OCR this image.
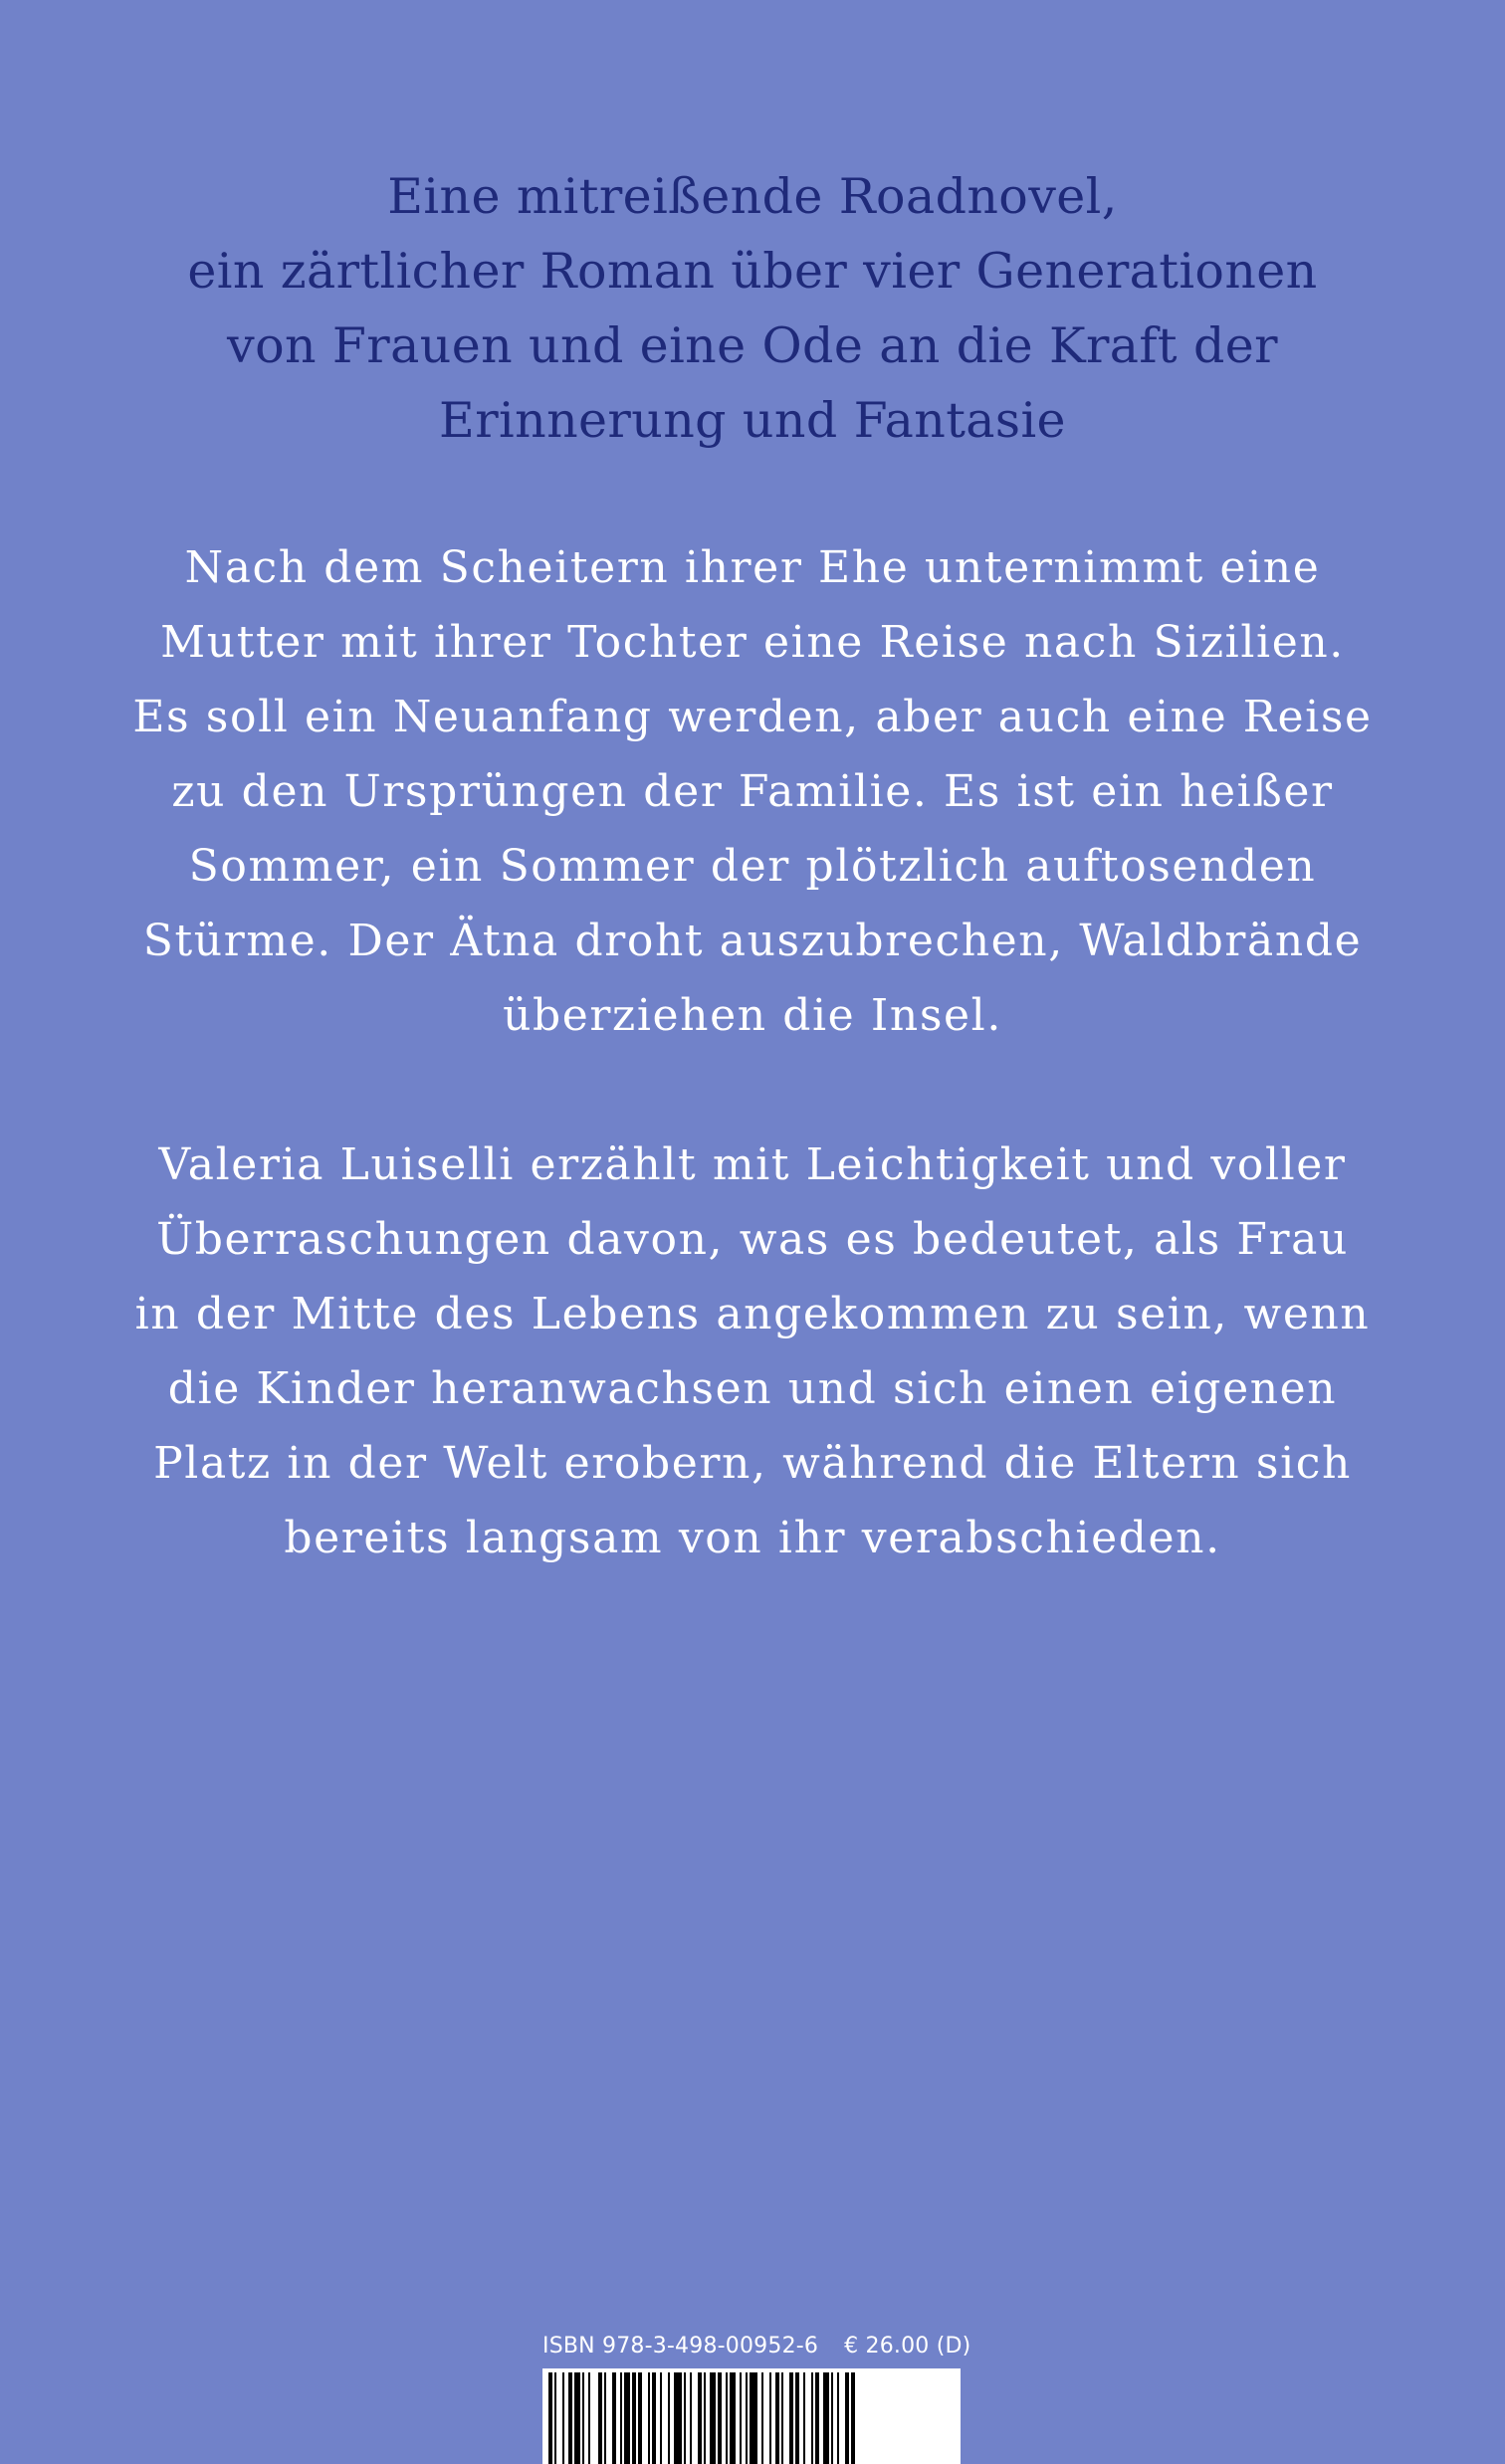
Eine mitreißende Roadnovel,
ein zärtlicher Roman über vier Generationen
von Frauen und eine Ode an die Kraft der
Erinnerung und Fantasie
Nach dem Scheitern ihrer Ehe unternimmt eine
Mutter mit ihrer Tochter eine Reise nach Sizilien.
Es soll ein Neuanfang werden, aber auch eine Reise
zu den Ursprüngen der Familie. Es ist ein heißer
Sommer, ein Sommer der plötzlich auftosenden
Stürme. Der Ätna droht auszubrechen, Waldbrände
überziehen die Insel.
Valeria Luiselli erzählt mit Leichtigkeit und voller
Überraschungen davon, was es bedeutet, als Frau
in der Mitte des Lebens angekommen zu sein, wenn
die Kinder heranwachsen und sich einen eigenen
Platz in der Welt erobern, während die Eltern sich
bereits langsam von ihr verabschieden.
ISBN 978-3-498-00952-6 € 26.00 (D)
